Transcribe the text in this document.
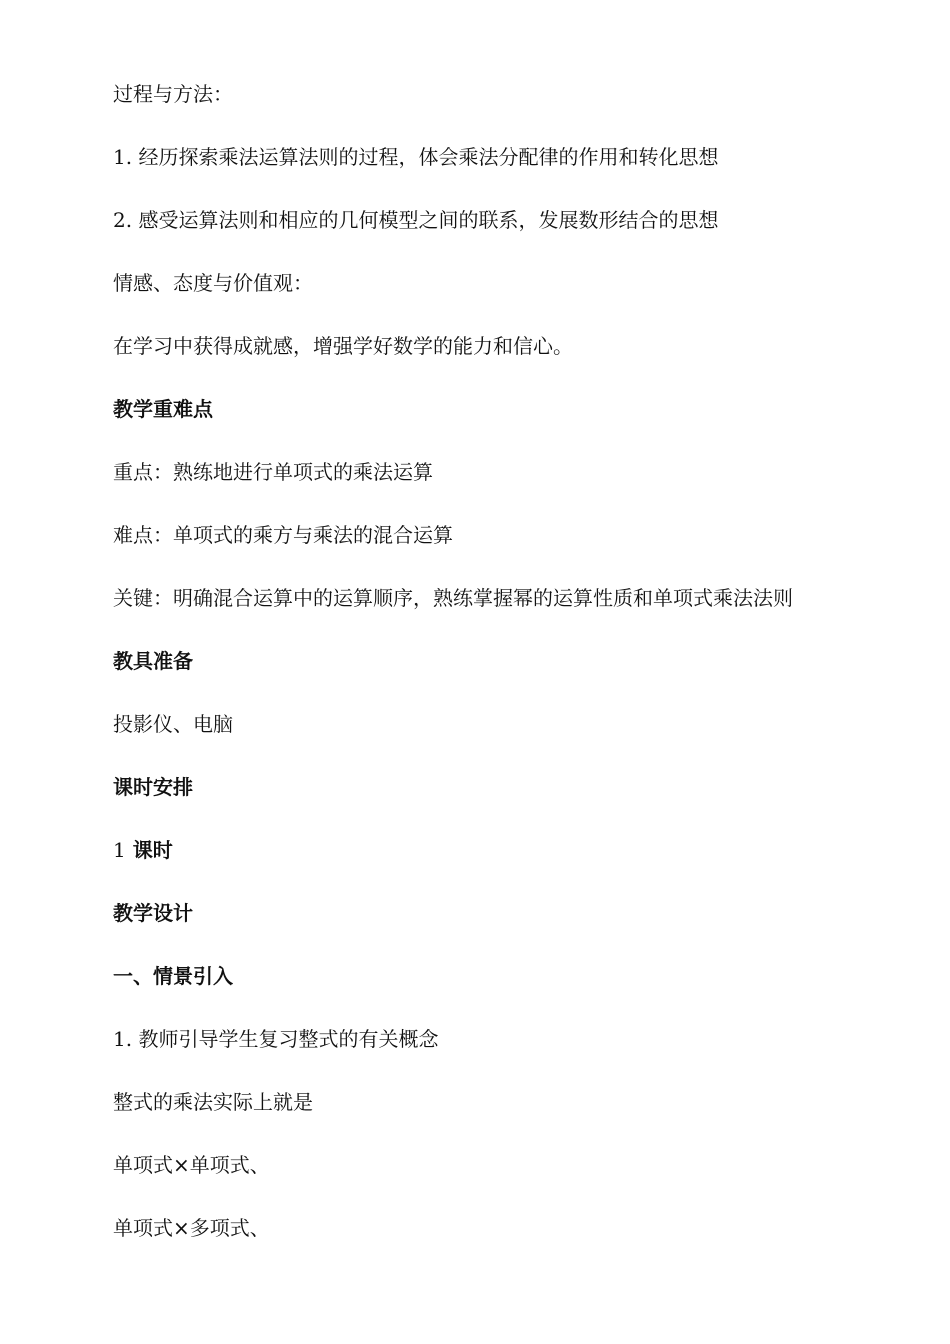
过程与方法：
1. 经历探索乘法运算法则的过程，体会乘法分配律的作用和转化思想
2. 感受运算法则和相应的几何模型之间的联系，发展数形结合的思想
情感、态度与价值观：
在学习中获得成就感，增强学好数学的能力和信心。
教学重难点
重点：熟练地进行单项式的乘法运算
难点：单项式的乘方与乘法的混合运算
关键：明确混合运算中的运算顺序，熟练掌握幂的运算性质和单项式乘法法则
教具准备
投影仪、电脑
课时安排
1 课时
教学设计
一、情景引入
1. 教师引导学生复习整式的有关概念
整式的乘法实际上就是
单项式×单项式、
单项式×多项式、
